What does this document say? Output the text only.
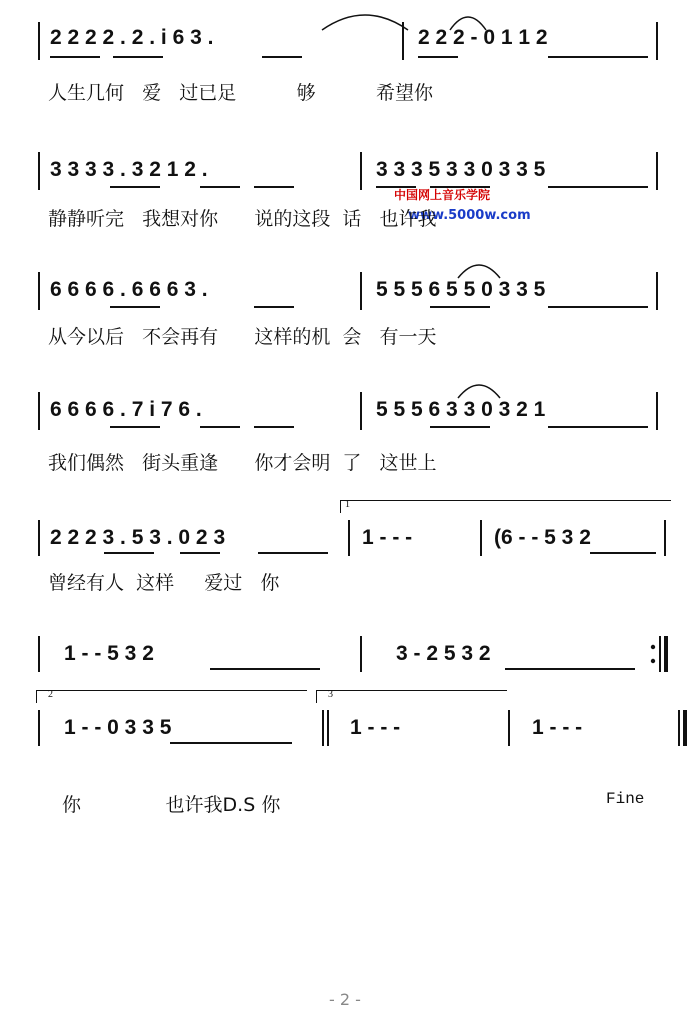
2 2 2 2 . 2 . i 6 3 .	2 2 2 - 0 1 1 2
人生几何   爱   过已足          够          希望你
3 3 3 3 . 3 2 1 2 .	3 3 3 5 3 3 0 3 3 5
中国网上音乐学院
www.5000w.com
静静听完   我想对你      说的这段  话   也许我
6 6 6 6 . 6 6 6 3 .	5 5 5 6 5 5 0 3 3 5
从今以后   不会再有      这样的机  会   有一天
6 6 6 6 . 7 i 7 6 .	5 5 5 6 3 3 0 3 2 1
我们偶然   街头重逢      你才会明  了   这世上
1
2 2 2 3 . 5 3 . 0 2 3	1 - - -	(6 - - 5 3 2
曾经有人  这样     爱过   你
1 - - 5 3 2	3 - 2 5 3 2
2	3
1 - - 0 3 3 5	1 - - -	1 - - -
你              也许我D.S 你	Fine
- 2 -
